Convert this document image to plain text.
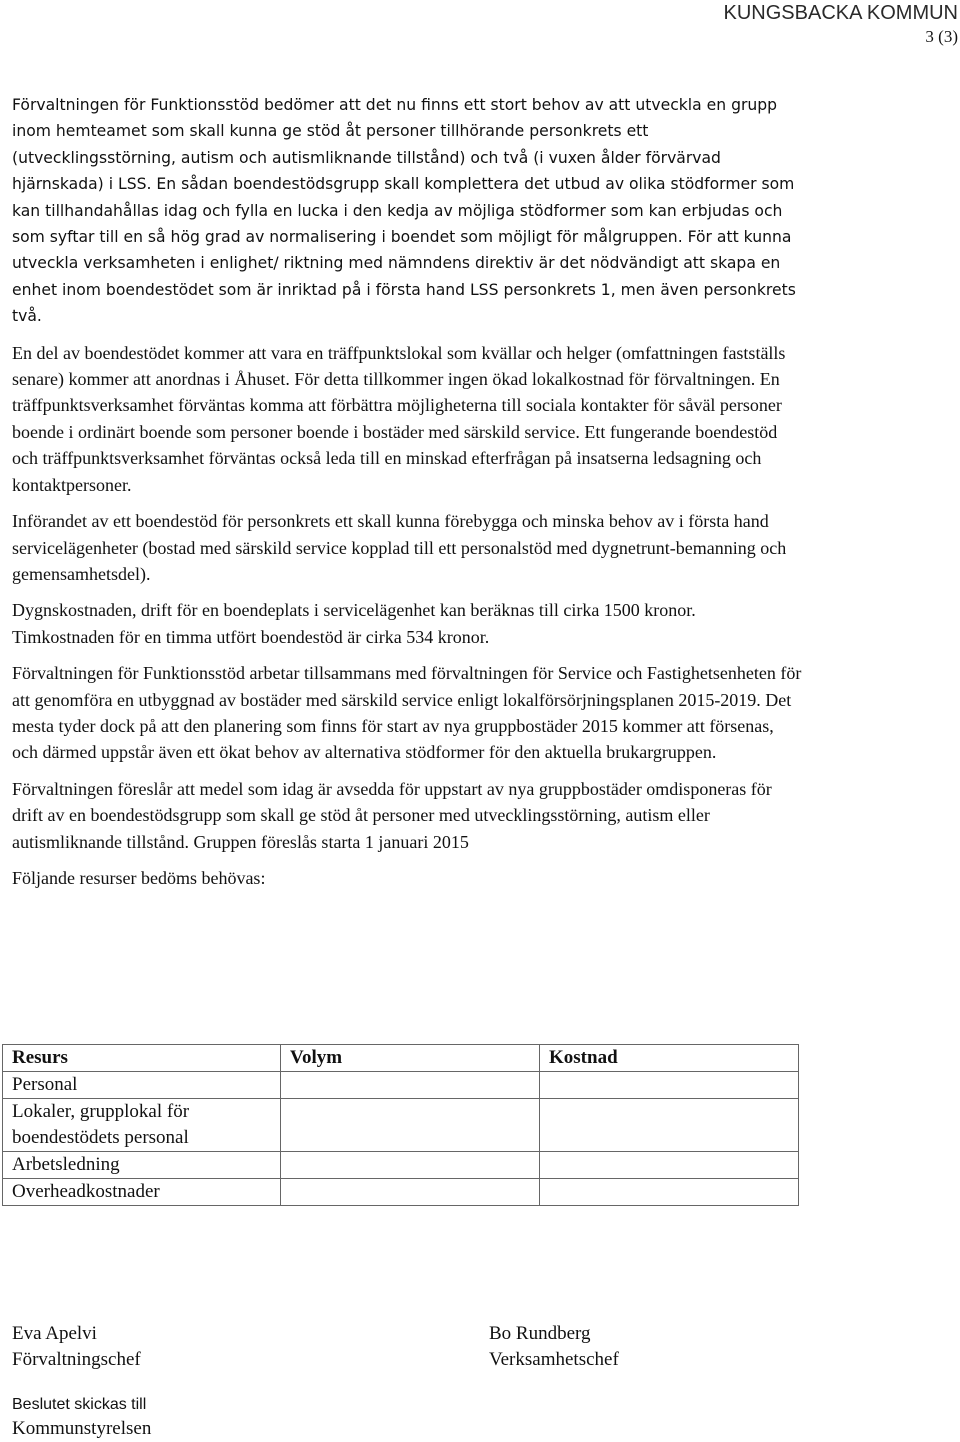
KUNGSBACKA KOMMUN
3 (3)

Förvaltningen för Funktionsstöd bedömer att det nu finns ett stort behov av att utveckla en grupp inom hemteamet som skall kunna ge stöd åt personer tillhörande personkrets ett (utvecklingsstörning, autism och autismliknande tillstånd) och två (i vuxen ålder förvärvad hjärnskada) i LSS. En sådan boendestödsgrupp skall komplettera det utbud av olika stödformer som kan tillhandahållas idag och fylla en lucka i den kedja av möjliga stödformer som kan erbjudas och som syftar till en så hög grad av normalisering i boendet som möjligt för målgruppen. För att kunna utveckla verksamheten i enlighet/ riktning med nämndens direktiv är det nödvändigt att skapa en enhet inom boendestödet som är inriktad på i första hand LSS personkrets 1, men även personkrets två.

En del av boendestödet kommer att vara en träffpunktslokal som kvällar och helger (omfattningen fastställs senare) kommer att anordnas i Åhuset. För detta tillkommer ingen ökad lokalkostnad för förvaltningen. En träffpunktsverksamhet förväntas komma att förbättra möjligheterna till sociala kontakter för såväl personer boende i ordinärt boende som personer boende i bostäder med särskild service. Ett fungerande boendestöd och träffpunktsverksamhet förväntas också leda till en minskad efterfrågan på insatserna ledsagning och kontaktpersoner.

Införandet av ett boendestöd för personkrets ett skall kunna förebygga och minska behov av i första hand servicelägenheter (bostad med särskild service kopplad till ett personalstöd med dygnetrunt-bemanning och gemensamhetsdel).

Dygnskostnaden, drift för en boendeplats i servicelägenhet kan beräknas till cirka 1500 kronor. Timkostnaden för en timma utfört boendestöd är cirka 534 kronor.

Förvaltningen för Funktionsstöd arbetar tillsammans med förvaltningen för Service och Fastighetsenheten för att genomföra en utbyggnad av bostäder med särskild service enligt lokalförsörjningsplanen 2015-2019. Det mesta tyder dock på att den planering som finns för start av nya gruppbostäder 2015 kommer att försenas, och därmed uppstår även ett ökat behov av alternativa stödformer för den aktuella brukargruppen.

Förvaltningen föreslår att medel som idag är avsedda för uppstart av nya gruppbostäder omdisponeras för drift av en boendestödsgrupp som skall ge stöd åt personer med utvecklingsstörning, autism eller autismliknande tillstånd. Gruppen föreslås starta 1 januari 2015

Följande resurser bedöms behövas:

Resurs	Volym	Kostnad
Personal		
Lokaler, grupplokal för boendestödets personal		
Arbetsledning		
Overheadkostnader		
Eva Apelvi
Förvaltningschef
Bo Rundberg
Verksamhetschef
Beslutet skickas till
Kommunstyrelsen
